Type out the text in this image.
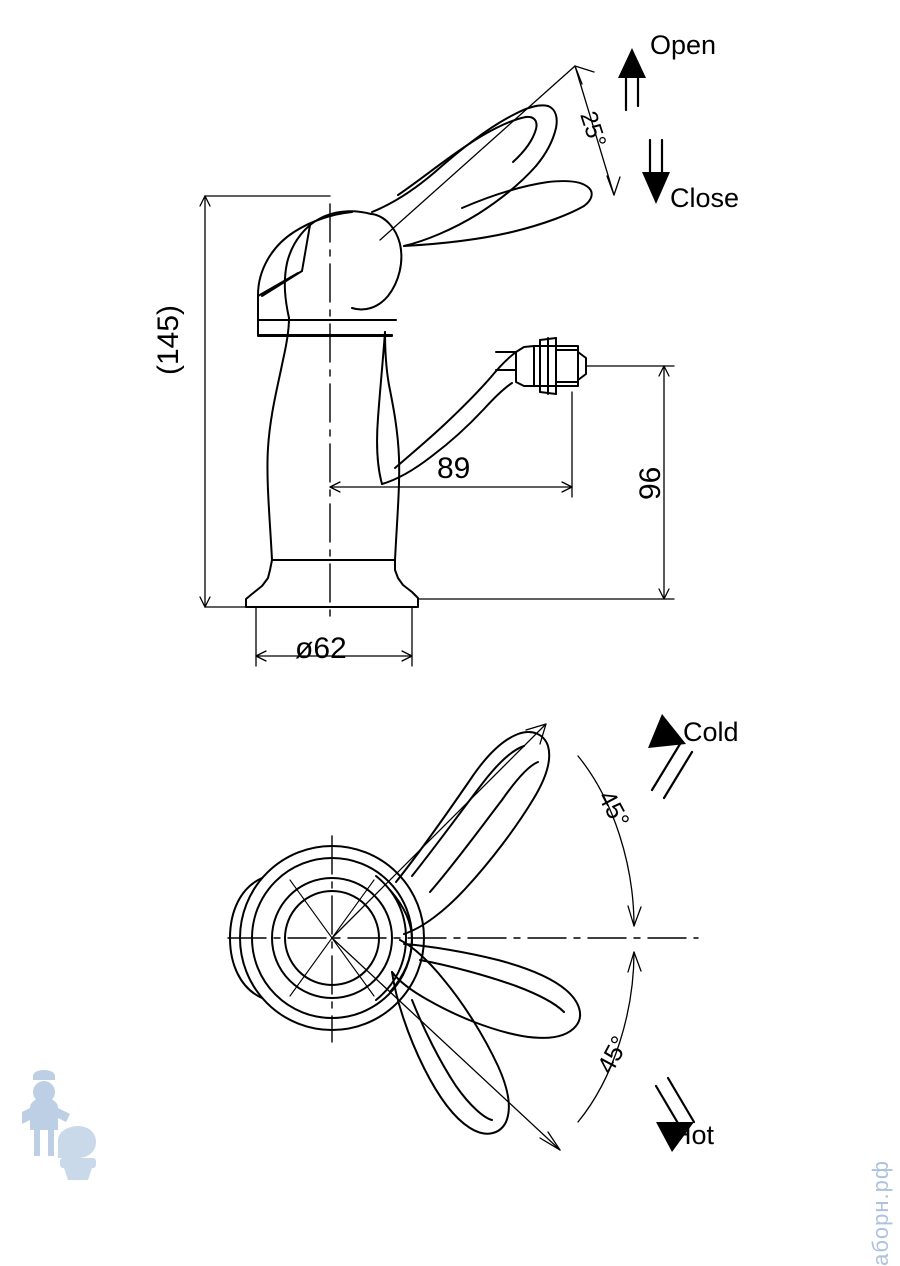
Open
Close
25°
(145)
89	96
ø62
Cold
Hot
45°
45°
аборн.рф
